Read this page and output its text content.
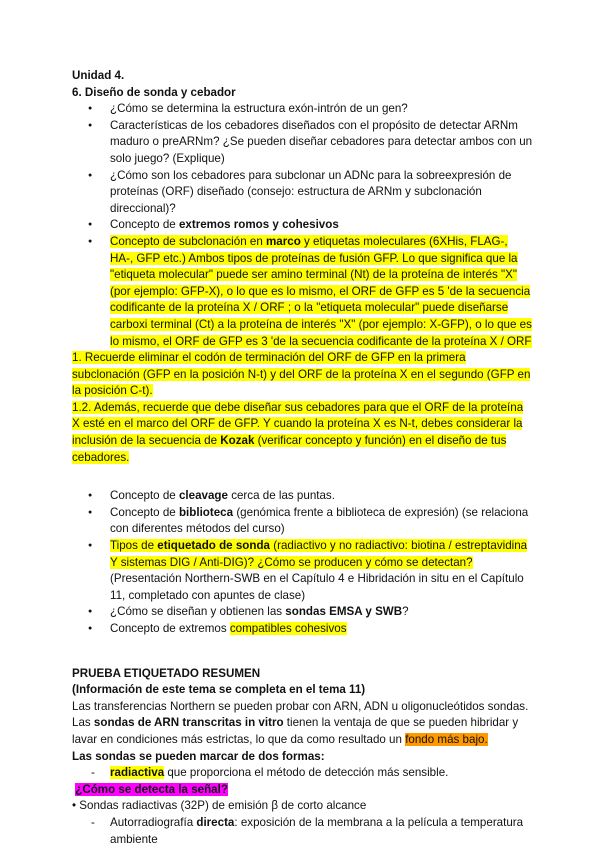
Unidad 4.

6. Diseño de sonda y cebador

● ¿Cómo se determina la estructura exón-intrón de un gen?
● Características de los cebadores diseñados con el propósito de detectar ARNm maduro o preARNm? ¿Se pueden diseñar cebadores para detectar ambos con un solo juego? (Explique)
● ¿Cómo son los cebadores para subclonar un ADNc para la sobreexpresión de proteínas (ORF) diseñado (consejo: estructura de ARNm y subclonación direccional)?
● Concepto de extremos romos y cohesivos
● Concepto de subclonación en marco y etiquetas moleculares (6XHis, FLAG-, HA-, GFP etc.) Ambos tipos de proteínas de fusión GFP. Lo que significa que la "etiqueta molecular" puede ser amino terminal (Nt) de la proteína de interés "X" (por ejemplo: GFP-X), o lo que es lo mismo, el ORF de GFP es 5 'de la secuencia codificante de la proteína X / ORF ; o la "etiqueta molecular" puede diseñarse carboxi terminal (Ct) a la proteína de interés "X" (por ejemplo: X-GFP), o lo que es lo mismo, el ORF de GFP es 3 'de la secuencia codificante de la proteína X / ORF

1. Recuerde eliminar el codón de terminación del ORF de GFP en la primera subclonación (GFP en la posición N-t) y del ORF de la proteína X en el segundo (GFP en la posición C-t).

1.2. Además, recuerde que debe diseñar sus cebadores para que el ORF de la proteína X esté en el marco del ORF de GFP. Y cuando la proteína X es N-t, debes considerar la inclusión de la secuencia de Kozak (verificar concepto y función) en el diseño de tus cebadores.

● Concepto de cleavage cerca de las puntas.
● Concepto de biblioteca (genómica frente a biblioteca de expresión) (se relaciona con diferentes métodos del curso)
● Tipos de etiquetado de sonda (radiactivo y no radiactivo: biotina / estreptavidina Y sistemas DIG / Anti-DIG)? ¿Cómo se producen y cómo se detectan? (Presentación Northern-SWB en el Capítulo 4 e Hibridación in situ en el Capítulo 11, completado con apuntes de clase)
● ¿Cómo se diseñan y obtienen las sondas EMSA y SWB?
● Concepto de extremos compatibles cohesivos

PRUEBA ETIQUETADO RESUMEN

(Información de este tema se completa en el tema 11)

Las transferencias Northern se pueden probar con ARN, ADN u oligonucleótidos sondas.

Las sondas de ARN transcritas in vitro tienen la ventaja de que se pueden hibridar y lavar en condiciones más estrictas, lo que da como resultado un fondo más bajo.

Las sondas se pueden marcar de dos formas:

- radiactiva que proporciona el método de detección más sensible.

¿Cómo se detecta la señal?

• Sondas radiactivas (32P) de emisión β de corto alcance

- Autorradiografía directa: exposición de la membrana a la película a temperatura ambiente
